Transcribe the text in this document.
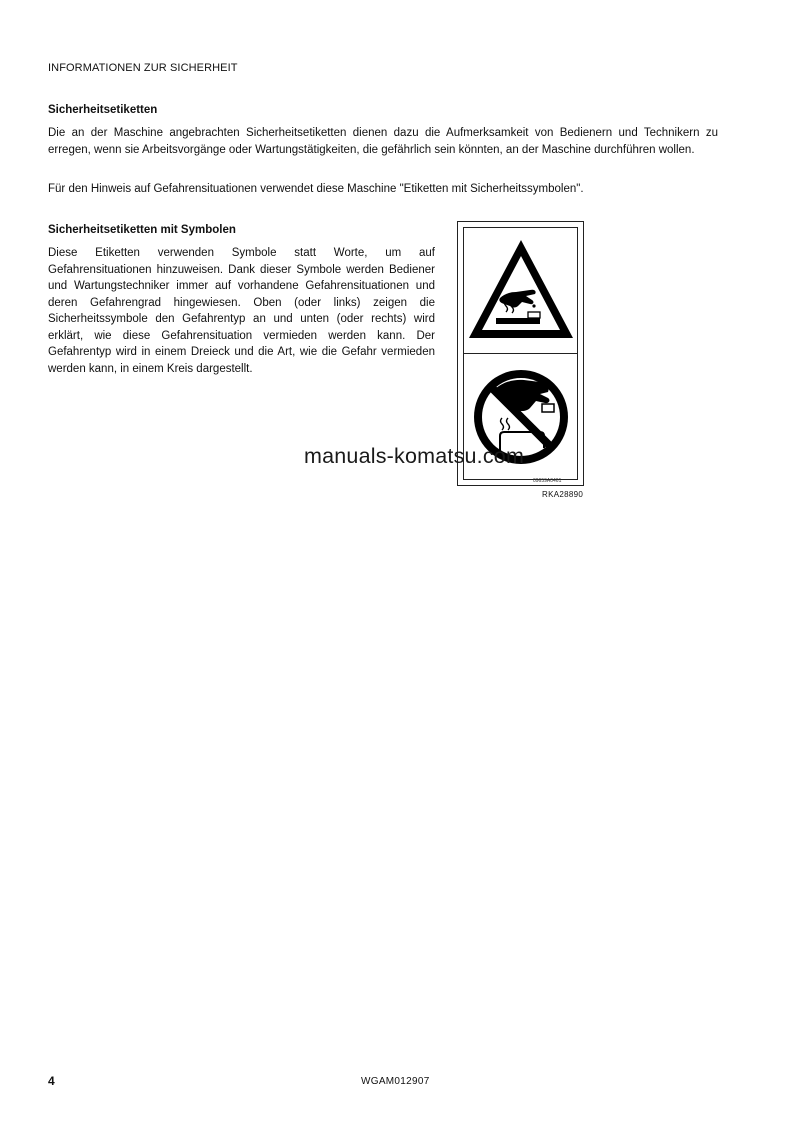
INFORMATIONEN ZUR SICHERHEIT
Sicherheitsetiketten

Die an der Maschine angebrachten Sicherheitsetiketten dienen dazu die Aufmerksamkeit von Bedienern und Technikern zu erregen, wenn sie Arbeitsvorgänge oder Wartungstätigkeiten, die gefährlich sein könnten, an der Maschine durchführen wollen.

Für den Hinweis auf Gefahrensituationen verwendet diese Maschine "Etiketten mit Sicherheitssymbolen".

Sicherheitsetiketten mit Symbolen

Diese Etiketten verwenden Symbole statt Worte, um auf Gefahrensituationen hinzuweisen. Dank dieser Symbole werden Bediener und Wartungstechniker immer auf vorhandene Gefahrensituationen und deren Gefahrengrad hingewiesen. Oben (oder links) zeigen die Sicherheitssymbole den Gefahrentyp an und unten (oder rechts) wird erklärt, wie diese Gefahrensituation vermieden werden kann. Der Gefahrentyp wird in einem Dreieck und die Art, wie die Gefahr vermieden werden kann, in einem Kreis dargestellt.

09659A0461
RKA28890
manuals-komatsu.com
4	WGAM012907
